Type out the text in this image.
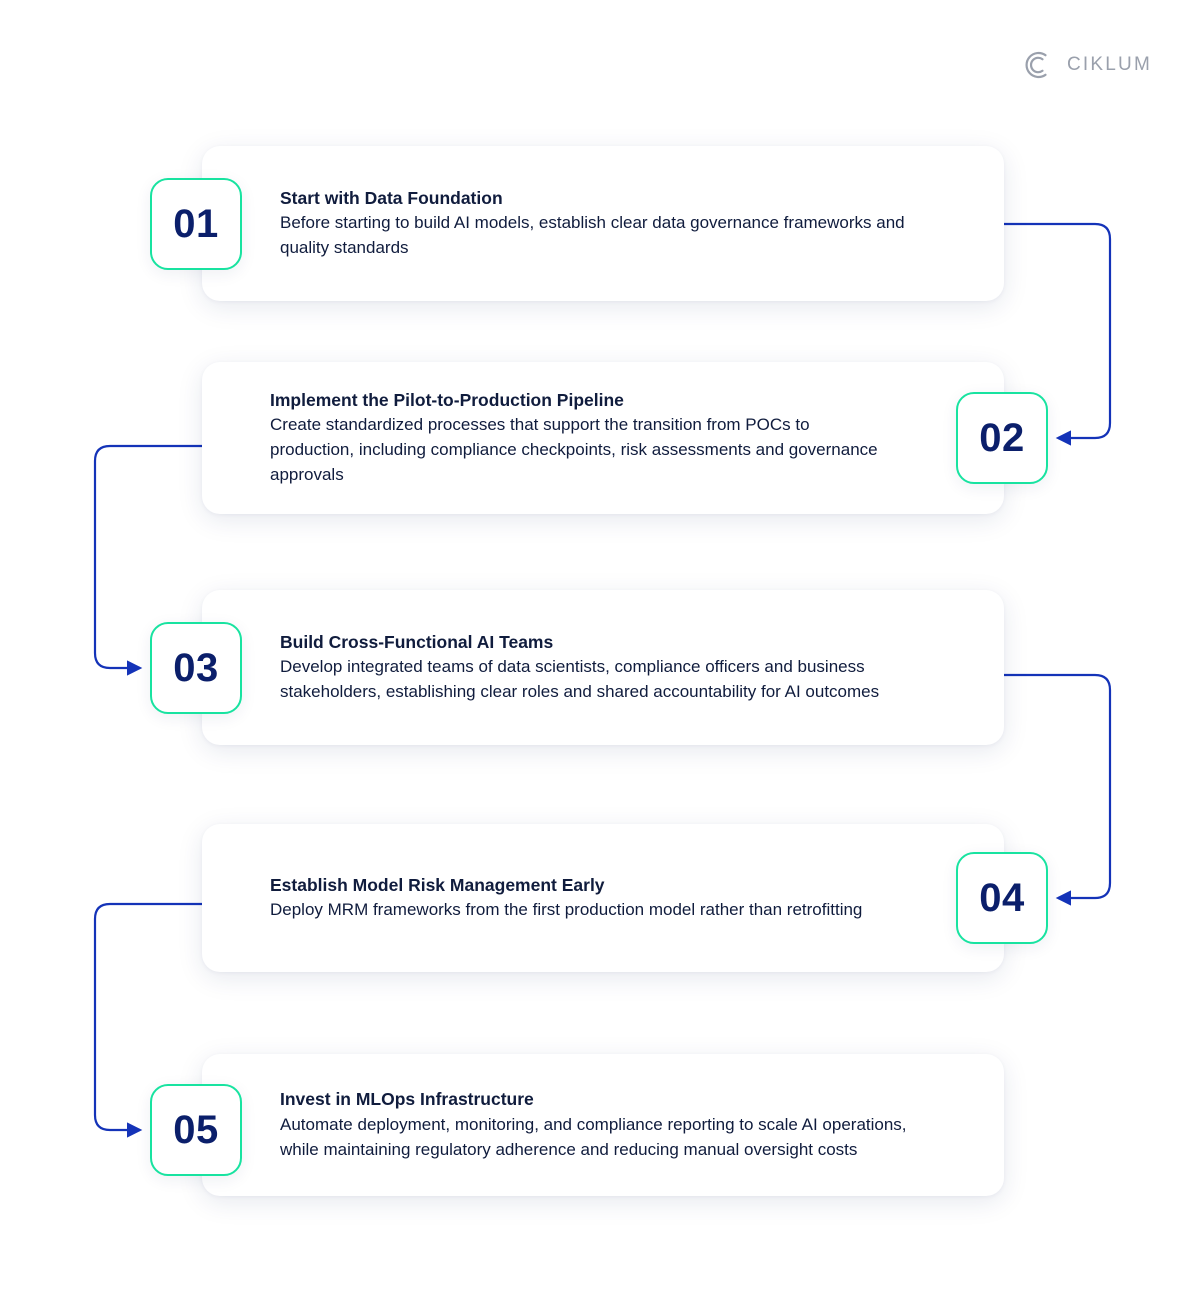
CIKLUM

Start with Data Foundation

Before starting to build AI models, establish clear data governance frameworks and quality standards

01

Implement the Pilot-to-Production Pipeline

Create standardized processes that support the transition from POCs to production, including compliance checkpoints, risk assessments and governance approvals

02

Build Cross-Functional AI Teams

Develop integrated teams of data scientists, compliance officers and business stakeholders, establishing clear roles and shared accountability for AI outcomes

03

Establish Model Risk Management Early

Deploy MRM frameworks from the first production model rather than retrofitting	04

Invest in MLOps Infrastructure

Automate deployment, monitoring, and compliance reporting to scale AI operations, while maintaining regulatory adherence and reducing manual oversight costs

05
